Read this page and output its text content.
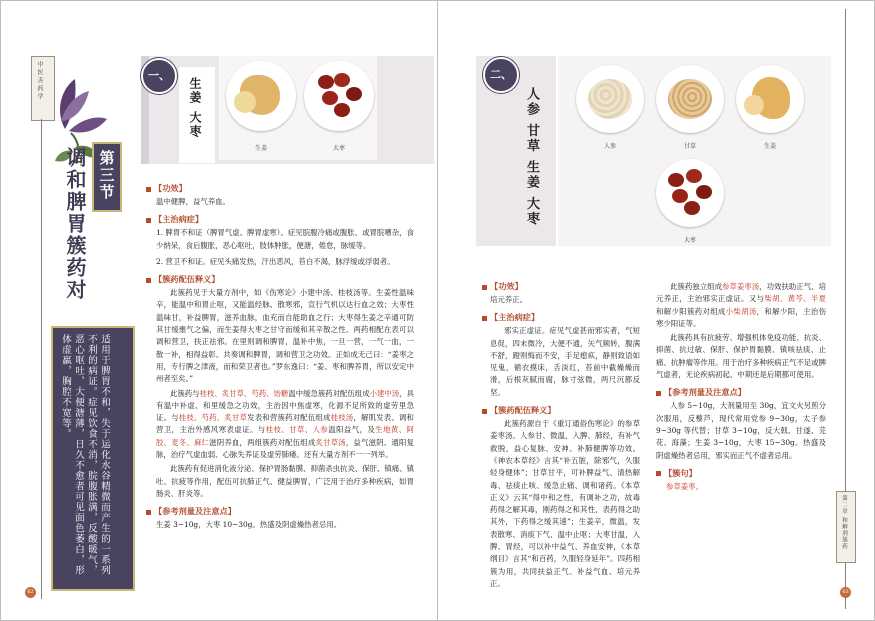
中医舌药学
第三节
调和脾胃簇药对
适用于脾胃不和，失于运化水谷精微而产生的一系列不利的病证。症见饮食不消，脘腹胀满，反酸暖气，恶心呕吐，大便溏薄，日久不愈者可见面色萎白，形体虚羸，胸腔不宽等。
一、
生姜 大枣
生姜	大枣
【功效】

温中健脾，益气养血。

【主治病症】

1. 脾胃不和证（脾胃气虚、脾胃虚寒）。症见脘腹冷痛或腹胀、或胃脘嘈杂，食少纳呆，食后腹胀，恶心呕吐，肢体肿胀，便溏，倦怠，脉缓等。

2. 营卫不和证。症见头痛发热，汗出恶风，苔白不渴，脉浮缓或浮弱者。

【簇药配伍释义】

此簇药见于大量方剂中，如《伤寒论》小建中汤、桂枝汤等。生姜性温味辛，能温中和胃止呕，又能温经脉、散寒邪，宣行气机以达行血之效；大枣性温味甘，补益脾胃，滋养血脉，血充而自能助血之行；大枣得生姜之辛通可防其甘缓壅气之偏，而生姜得大枣之甘守而缓和其辛散之性。两药相配在表可以调和营卫，扶正祛邪。在里则调和脾胃，温补中焦，一旦一营，一气一血，一散一补，相得益彰。共奏调和脾胃，调和营卫之功效。正如成无己曰：“姜枣之用，专行脾之津液，而和荣卫者也。”罗东逸曰：“姜、枣和脾养胃，所以安定中州者至矣。”

此簇药与桂枝、炙甘草、芍药、饴糖温中缓急簇药对配伍组成小建中汤，具有温中补虚、和里缓急之功效，主治因中焦虚寒，化源不足所致的虚劳里急证。与桂枝、芍药、炙甘草发表和营簇药对配伍组成桂枝汤，解肌发表、调和营卫，主治外感风寒表虚证。与桂枝、甘草、人参温阳益气，及生地黄、阿胶、麦冬、麻仁滋阴养血，两组簇药对配伍组成炙甘草汤，益气滋阴、通阳复脉，治疗气虚血弱、心脉失养证及虚劳肺痿。还有大量方剂不一一列举。

此簇药有促进消化液分泌、保护胃肠黏膜、抑菌杀虫抗炎、保肝、镇痛、镇吐、抗疲等作用，配伍可抗肺正气、健益脾胃，广泛用于治疗多种疾病，如胃肠炎、肝炎等。

【参考剂量及注意点】

生姜 3~10g，大枣 10~30g。热盛及阴虚燥热者忌用。

62
二、
人参 甘草 生姜 大枣	人参	甘草	生姜
大枣
【功效】

培元养正。

【主治病症】

邪实正虚证。症见气虚甚而邪实者，气短息促，四末微冷，大便不通，矢气频转，腹满不舒，蹬则悔而不安，手足瘛疭，静则致语如见鬼，循衣摸床，舌淡红，苔前中截燥燥而滑，后根灰腻而腐，脉寸弦微，两尺沉都反坚。

【簇药配伍释义】

此簇药源自于《重订通俗伤寒论》的参草姜枣汤。人参甘、微温，入脾、肺经，有补气救脱，益心复脉、安神、补肺健脾等功效。《神农本草经》言其“补五脏，除邪气，久服轻身健体”；甘草甘平，可补脾益气、清热解毒、祛痰止咳、缓急止痛、调和诸药。《本草正义》云其“得中和之性，有调补之功，故毒药得之解其毒，刚药得之和其性，表药得之助其外，下药得之缓其速”；生姜辛，微温，发表散寒、消痰下气、温中止呕；大枣甘温，入脾、胃经，可以补中益气、养血安神，《本草纲目》言其“和百药，久服轻身延年”。四药相簇为用，共同扶益正气、补益气血、培元养正。

此簇药独立组成参草姜枣汤，功效扶助正气、培元养正，主治邪实正虚证。又与柴胡、黄芩、半夏和解少阳簇药对组成小柴胡汤，和解少阳，主治伤寒少阳证等。

此簇药具有抗疲劳、增强机体免疫功能、抗炎、抑菌、抗过敏、保肝、保护胃黏膜、镇咳祛痰、止痛、抗肿瘤等作用。用于治疗多种疾病正气不足或脾气虚者，无论疾病初起、中期还是后期都可使用。

【参考剂量及注意点】

人参 5~10g，大剂量用至 30g，宜文火另煎分次服用，反藜芦，现代常用党参 9~30g，太子参 9~30g 等代替；甘草 3~10g，反大戟、甘遂、芫花、海藻；生姜 3~10g，大枣 15~30g。热盛及阴虚燥热者忌用，邪实而正气不虚者忌用。

【簇句】

参草姜枣。

第二章 和解剂簇药
63
